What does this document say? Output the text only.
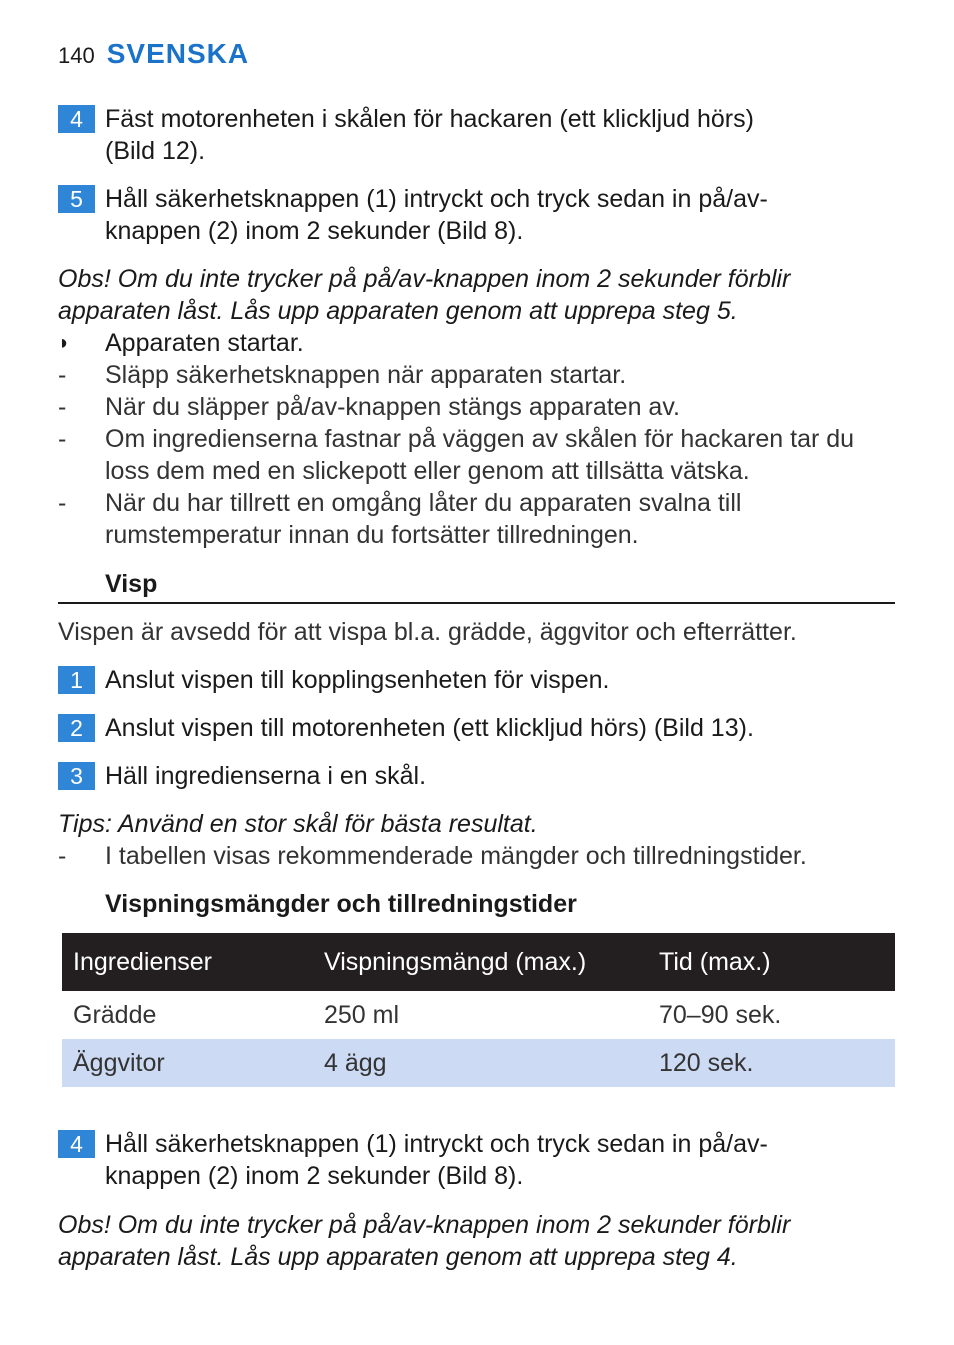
140 SVENSKA
4 Fäst motorenheten i skålen för hackaren (ett klickljud hörs) (Bild 12).
5 Håll säkerhetsknappen (1) intryckt och tryck sedan in på/av-knappen (2) inom 2 sekunder (Bild 8).
Obs! Om du inte trycker på på/av-knappen inom 2 sekunder förblir apparaten låst. Lås upp apparaten genom att upprepa steg 5.
◗	Apparaten startar.
-	Släpp säkerhetsknappen när apparaten startar.
-	När du släpper på/av-knappen stängs apparaten av.
-	Om ingredienserna fastnar på väggen av skålen för hackaren tar du loss dem med en slickepott eller genom att tillsätta vätska.
-	När du har tillrett en omgång låter du apparaten svalna till rumstemperatur innan du fortsätter tillredningen.
Visp
Vispen är avsedd för att vispa bl.a. grädde, äggvitor och efterrätter.
1 Anslut vispen till kopplingsenheten för vispen.
2 Anslut vispen till motorenheten (ett klickljud hörs) (Bild 13).
3 Häll ingredienserna i en skål.
Tips: Använd en stor skål för bästa resultat.
-	I tabellen visas rekommenderade mängder och tillredningstider.
Vispningsmängder och tillredningstider
Ingredienser	Vispningsmängd (max.)	Tid (max.)
Grädde	250 ml	70–90 sek.
Äggvitor	4 ägg	120 sek.
4 Håll säkerhetsknappen (1) intryckt och tryck sedan in på/av-knappen (2) inom 2 sekunder (Bild 8).
Obs! Om du inte trycker på på/av-knappen inom 2 sekunder förblir apparaten låst. Lås upp apparaten genom att upprepa steg 4.
